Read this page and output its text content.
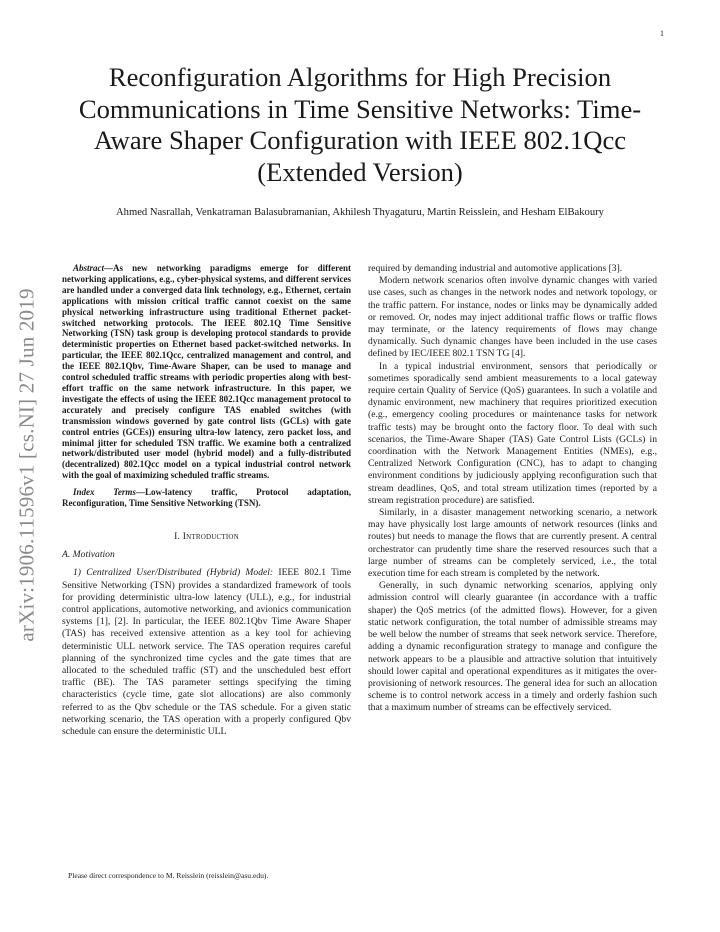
1
arXiv:1906.11596v1 [cs.NI] 27 Jun 2019
Reconfiguration Algorithms for High Precision Communications in Time Sensitive Networks: Time-Aware Shaper Configuration with IEEE 802.1Qcc (Extended Version)

Ahmed Nasrallah, Venkatraman Balasubramanian, Akhilesh Thyagaturu, Martin Reisslein, and Hesham ElBakoury

Abstract—As new networking paradigms emerge for different networking applications, e.g., cyber-physical systems, and different services are handled under a converged data link technology, e.g., Ethernet, certain applications with mission critical traffic cannot coexist on the same physical networking infrastructure using traditional Ethernet packet-switched networking protocols. The IEEE 802.1Q Time Sensitive Networking (TSN) task group is developing protocol standards to provide deterministic properties on Ethernet based packet-switched networks. In particular, the IEEE 802.1Qcc, centralized management and control, and the IEEE 802.1Qbv, Time-Aware Shaper, can be used to manage and control scheduled traffic streams with periodic properties along with best-effort traffic on the same network infrastructure. In this paper, we investigate the effects of using the IEEE 802.1Qcc management protocol to accurately and precisely configure TAS enabled switches (with transmission windows governed by gate control lists (GCLs) with gate control entries (GCEs)) ensuring ultra-low latency, zero packet loss, and minimal jitter for scheduled TSN traffic. We examine both a centralized network/distributed user model (hybrid model) and a fully-distributed (decentralized) 802.1Qcc model on a typical industrial control network with the goal of maximizing scheduled traffic streams.

Index Terms—Low-latency traffic, Protocol adaptation, Reconfiguration, Time Sensitive Networking (TSN).

I. Introduction
A. Motivation

1) Centralized User/Distributed (Hybrid) Model: IEEE 802.1 Time Sensitive Networking (TSN) provides a standardized framework of tools for providing deterministic ultra-low latency (ULL), e.g., for industrial control applications, automotive networking, and avionics communication systems [1], [2]. In particular, the IEEE 802.1Qbv Time Aware Shaper (TAS) has received extensive attention as a key tool for achieving deterministic ULL network service. The TAS operation requires careful planning of the synchronized time cycles and the gate times that are allocated to the scheduled traffic (ST) and the unscheduled best effort traffic (BE). The TAS parameter settings specifying the timing characteristics (cycle time, gate slot allocations) are also commonly referred to as the Qbv schedule or the TAS schedule. For a given static networking scenario, the TAS operation with a properly configured Qbv schedule can ensure the deterministic ULL

required by demanding industrial and automotive applications [3].

Modern network scenarios often involve dynamic changes with varied use cases, such as changes in the network nodes and network topology, or the traffic pattern. For instance, nodes or links may be dynamically added or removed. Or, nodes may inject additional traffic flows or traffic flows may terminate, or the latency requirements of flows may change dynamically. Such dynamic changes have been included in the use cases defined by IEC/IEEE 802.1 TSN TG [4].

In a typical industrial environment, sensors that periodically or sometimes sporadically send ambient measurements to a local gateway require certain Quality of Service (QoS) guarantees. In such a volatile and dynamic environment, new machinery that requires prioritized execution (e.g., emergency cooling procedures or maintenance tasks for network traffic tests) may be brought onto the factory floor. To deal with such scenarios, the Time-Aware Shaper (TAS) Gate Control Lists (GCLs) in coordination with the Network Management Entities (NMEs), e.g., Centralized Network Configuration (CNC), has to adapt to changing environment conditions by judiciously applying reconfiguration such that stream deadlines, QoS, and total stream utilization times (reported by a stream registration procedure) are satisfied.

Similarly, in a disaster management networking scenario, a network may have physically lost large amounts of network resources (links and routes) but needs to manage the flows that are currently present. A central orchestrator can prudently time share the reserved resources such that a large number of streams can be completely serviced, i.e., the total execution time for each stream is completed by the network.

Generally, in such dynamic networking scenarios, applying only admission control will clearly guarantee (in accordance with a traffic shaper) the QoS metrics (of the admitted flows). However, for a given static network configuration, the total number of admissible streams may be well below the number of streams that seek network service. Therefore, adding a dynamic reconfiguration strategy to manage and configure the network appears to be a plausible and attractive solution that intuitively should lower capital and operational expenditures as it mitigates the over-provisioning of network resources. The general idea for such an allocation scheme is to control network access in a timely and orderly fashion such that a maximum number of streams can be effectively serviced.

Please direct correspondence to M. Reisslein (reisslein@asu.edu).
